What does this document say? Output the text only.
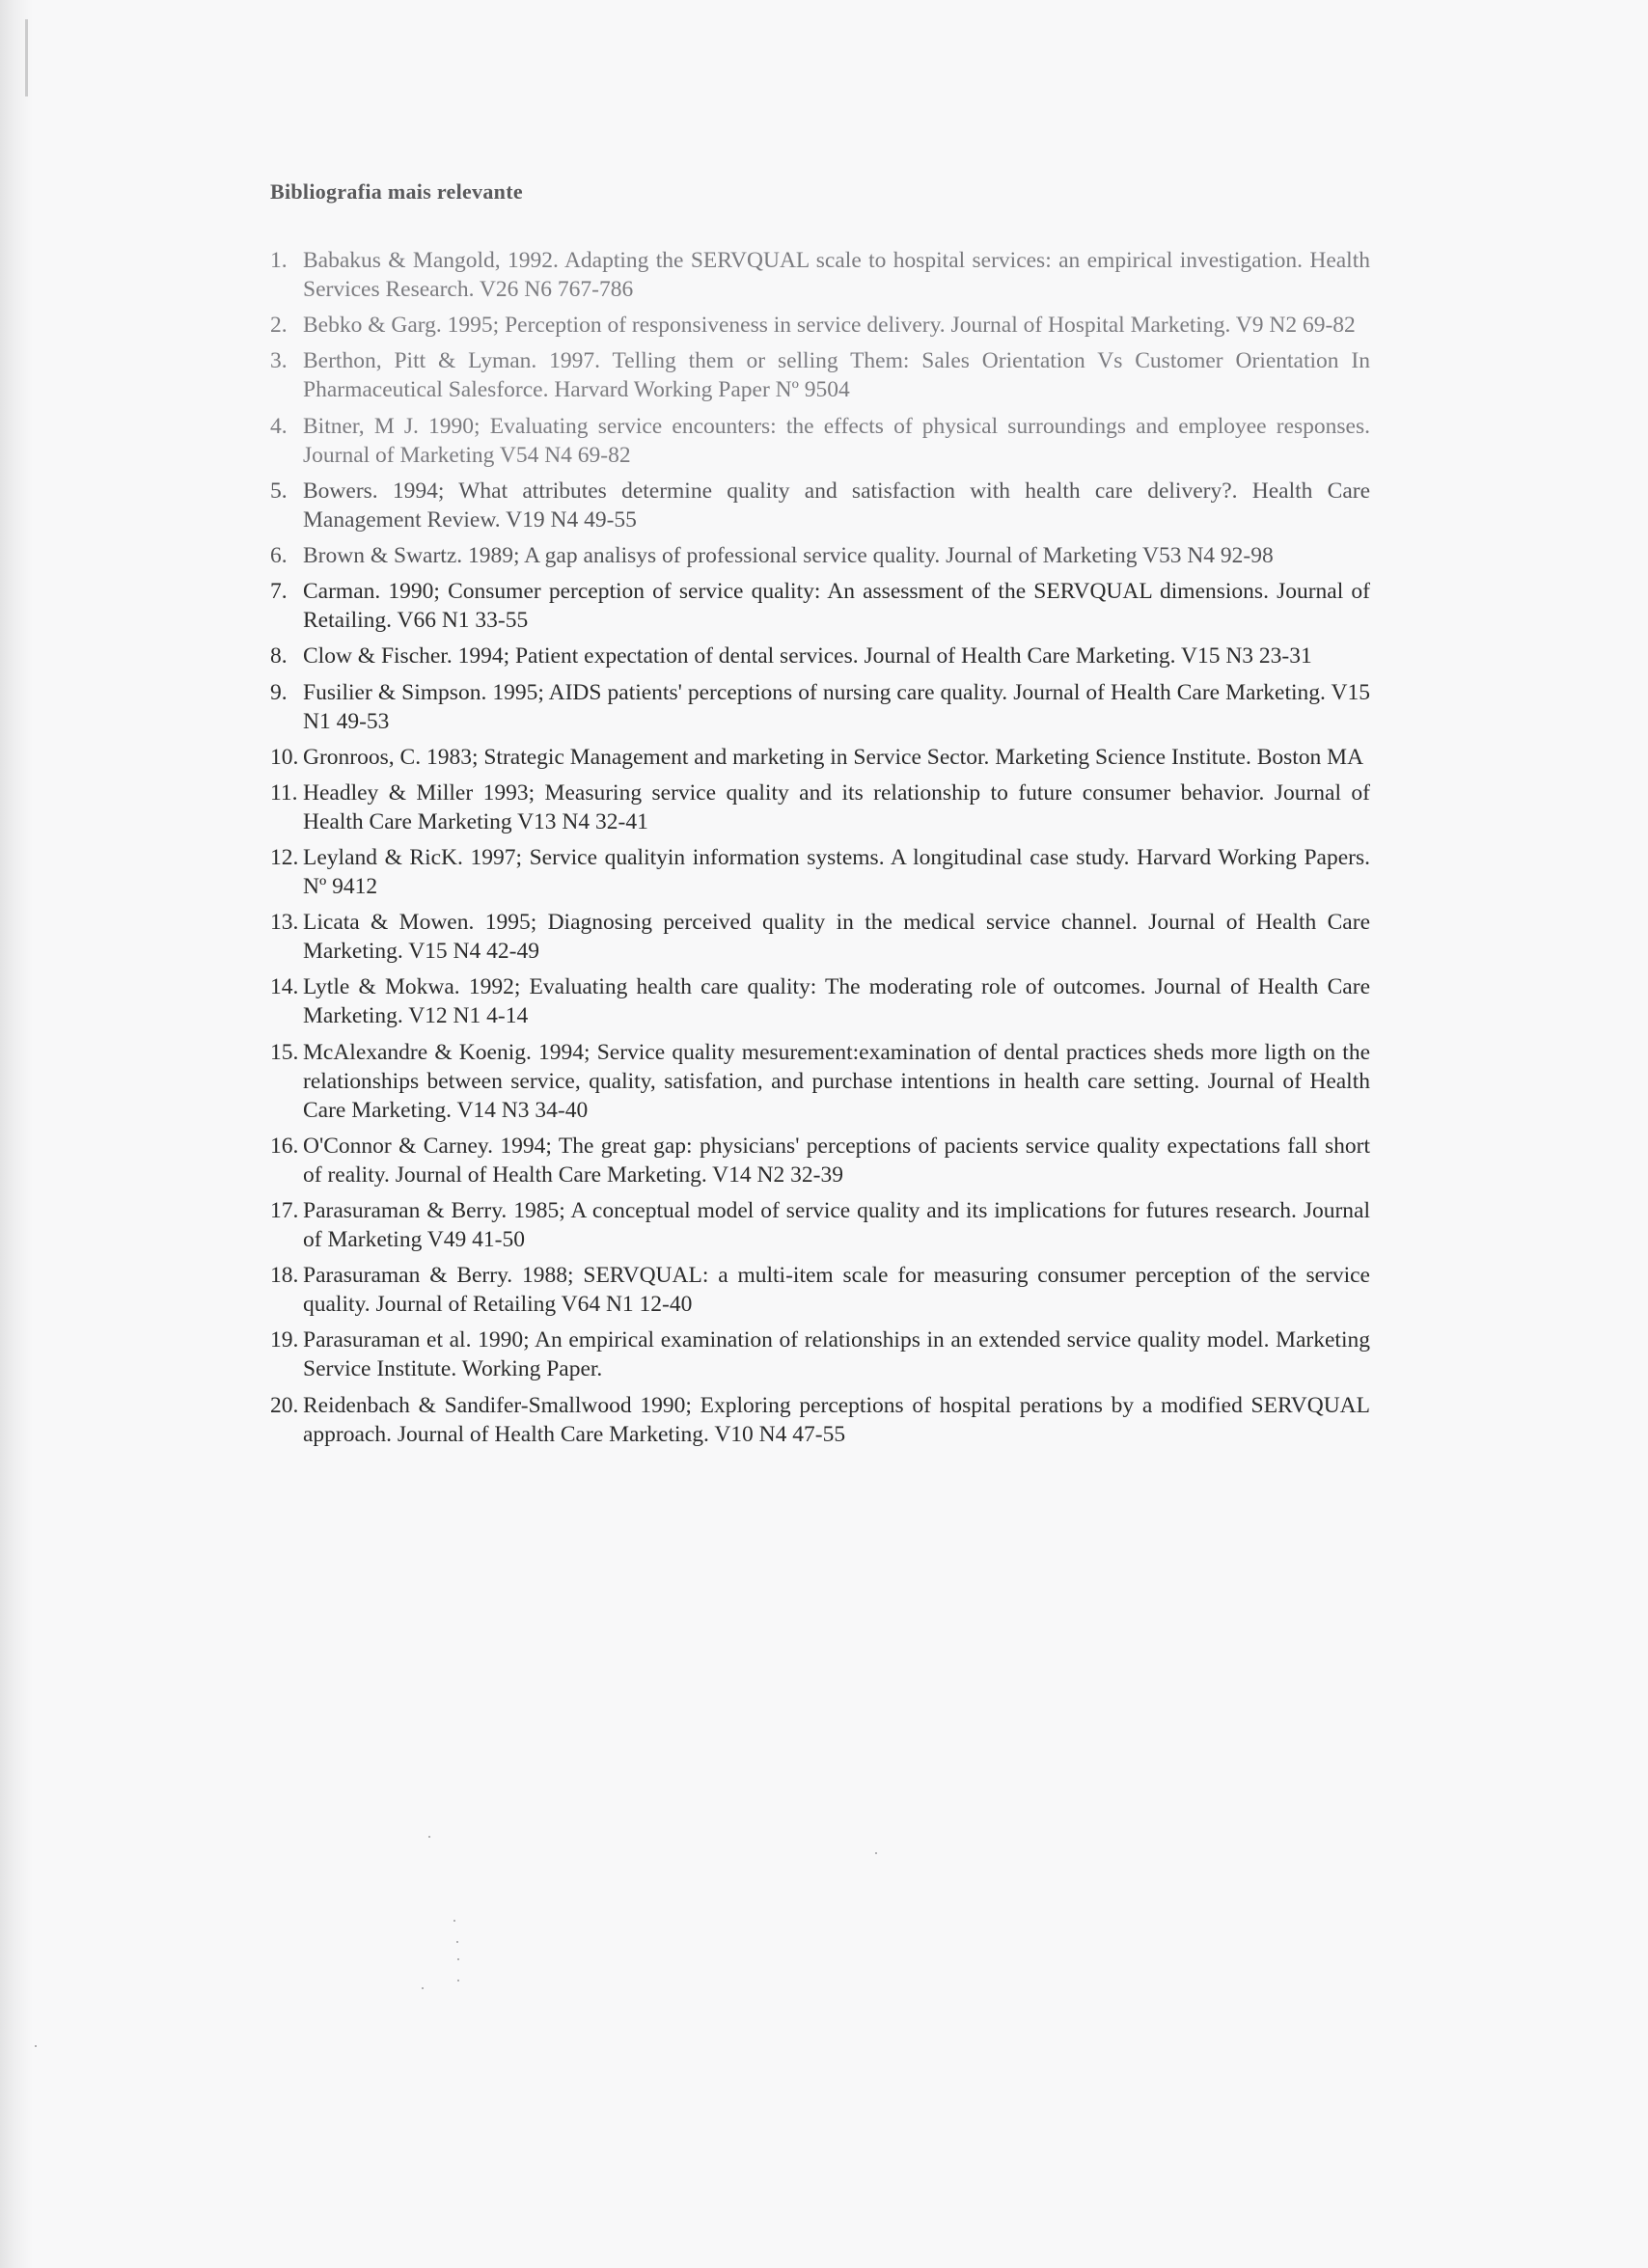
Bibliografia mais relevante
1. Babakus & Mangold, 1992. Adapting the SERVQUAL scale to hospital services: an empirical investigation. Health Services Research. V26 N6 767-786
2. Bebko & Garg. 1995; Perception of responsiveness in service delivery. Journal of Hospital Marketing. V9 N2 69-82
3. Berthon, Pitt & Lyman. 1997. Telling them or selling Them: Sales Orientation Vs Customer Orientation In Pharmaceutical Salesforce. Harvard Working Paper Nº 9504
4. Bitner, M J. 1990; Evaluating service encounters: the effects of physical surroundings and employee responses. Journal of Marketing V54 N4 69-82
5. Bowers. 1994; What attributes determine quality and satisfaction with health care delivery?. Health Care Management Review. V19 N4 49-55
6. Brown & Swartz. 1989; A gap analisys of professional service quality. Journal of Marketing V53 N4 92-98
7. Carman. 1990; Consumer perception of service quality: An assessment of the SERVQUAL dimensions. Journal of Retailing. V66 N1 33-55
8. Clow & Fischer. 1994; Patient expectation of dental services. Journal of Health Care Marketing. V15 N3 23-31
9. Fusilier & Simpson. 1995; AIDS patients' perceptions of nursing care quality. Journal of Health Care Marketing. V15 N1 49-53
10. Gronroos, C. 1983; Strategic Management and marketing in Service Sector. Marketing Science Institute. Boston MA
11. Headley & Miller 1993; Measuring service quality and its relationship to future consumer behavior. Journal of Health Care Marketing V13 N4 32-41
12. Leyland & RicK. 1997; Service qualityin information systems. A longitudinal case study. Harvard Working Papers. Nº 9412
13. Licata & Mowen. 1995; Diagnosing perceived quality in the medical service channel. Journal of Health Care Marketing. V15 N4 42-49
14. Lytle & Mokwa. 1992; Evaluating health care quality: The moderating role of outcomes. Journal of Health Care Marketing. V12 N1 4-14
15. McAlexandre & Koenig. 1994; Service quality mesurement:examination of dental practices sheds more ligth on the relationships between service, quality, satisfation, and purchase intentions in health care setting. Journal of Health Care Marketing. V14 N3 34-40
16. O'Connor & Carney. 1994; The great gap: physicians' perceptions of pacients service quality expectations fall short of reality. Journal of Health Care Marketing. V14 N2 32-39
17. Parasuraman & Berry. 1985; A conceptual model of service quality and its implications for futures research. Journal of Marketing V49 41-50
18. Parasuraman & Berry. 1988; SERVQUAL: a multi-item scale for measuring consumer perception of the service quality. Journal of Retailing V64 N1 12-40
19. Parasuraman et al. 1990; An empirical examination of relationships in an extended service quality model. Marketing Service Institute. Working Paper.
20. Reidenbach & Sandifer-Smallwood 1990; Exploring perceptions of hospital perations by a modified SERVQUAL approach. Journal of Health Care Marketing. V10 N4 47-55
